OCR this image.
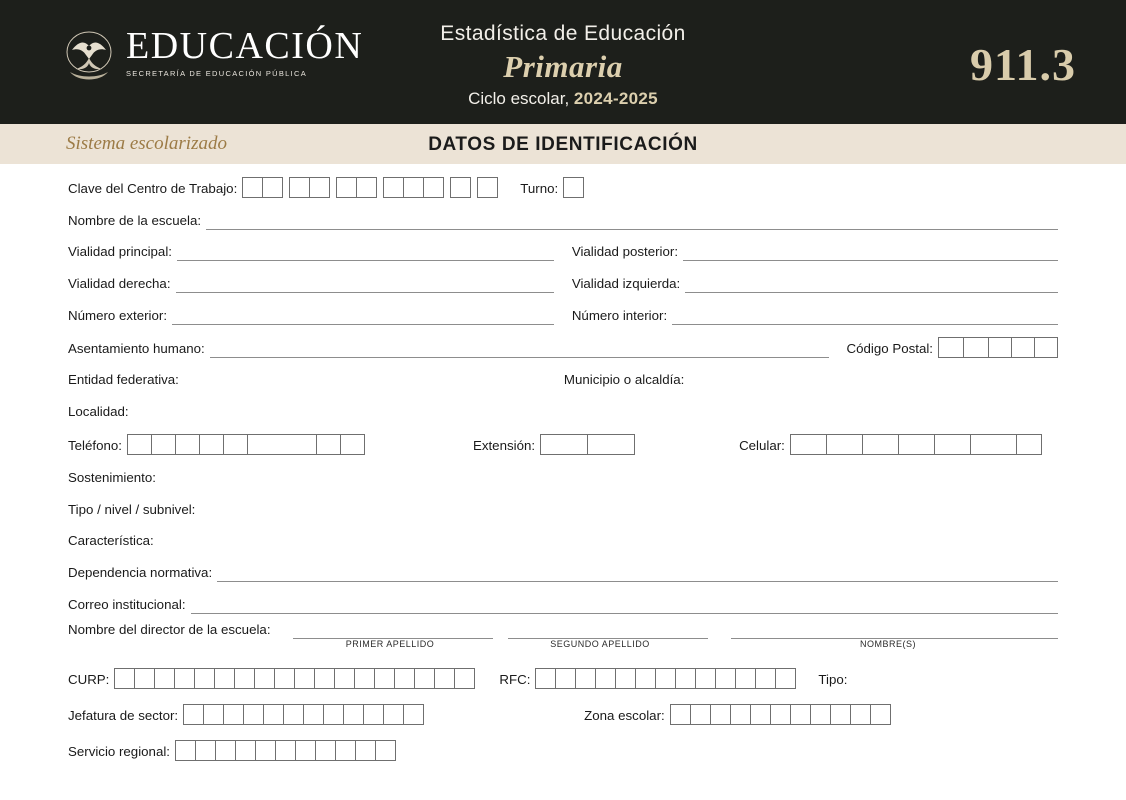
EDUCACIÓN
SECRETARÍA DE EDUCACIÓN PÚBLICA
Estadística de Educación
Primaria
Ciclo escolar, 2024-2025
911.3
Sistema escolarizado	DATOS DE IDENTIFICACIÓN
Clave del Centro de Trabajo:	Turno:
Nombre de la escuela:
Vialidad principal:	Vialidad posterior:
Vialidad derecha:	Vialidad izquierda:
Número exterior:	Número interior:
Asentamiento humano:	Código Postal:
Entidad federativa:	Municipio o alcaldía:
Localidad:
Teléfono:	Extensión:	Celular:
Sostenimiento:
Tipo / nivel / subnivel:
Característica:
Dependencia normativa:
Correo institucional:
Nombre del director de la escuela:
PRIMER APELLIDO	SEGUNDO APELLIDO	NOMBRE(S)
CURP:	RFC:	Tipo:
Jefatura de sector:	Zona escolar:
Servicio regional:
